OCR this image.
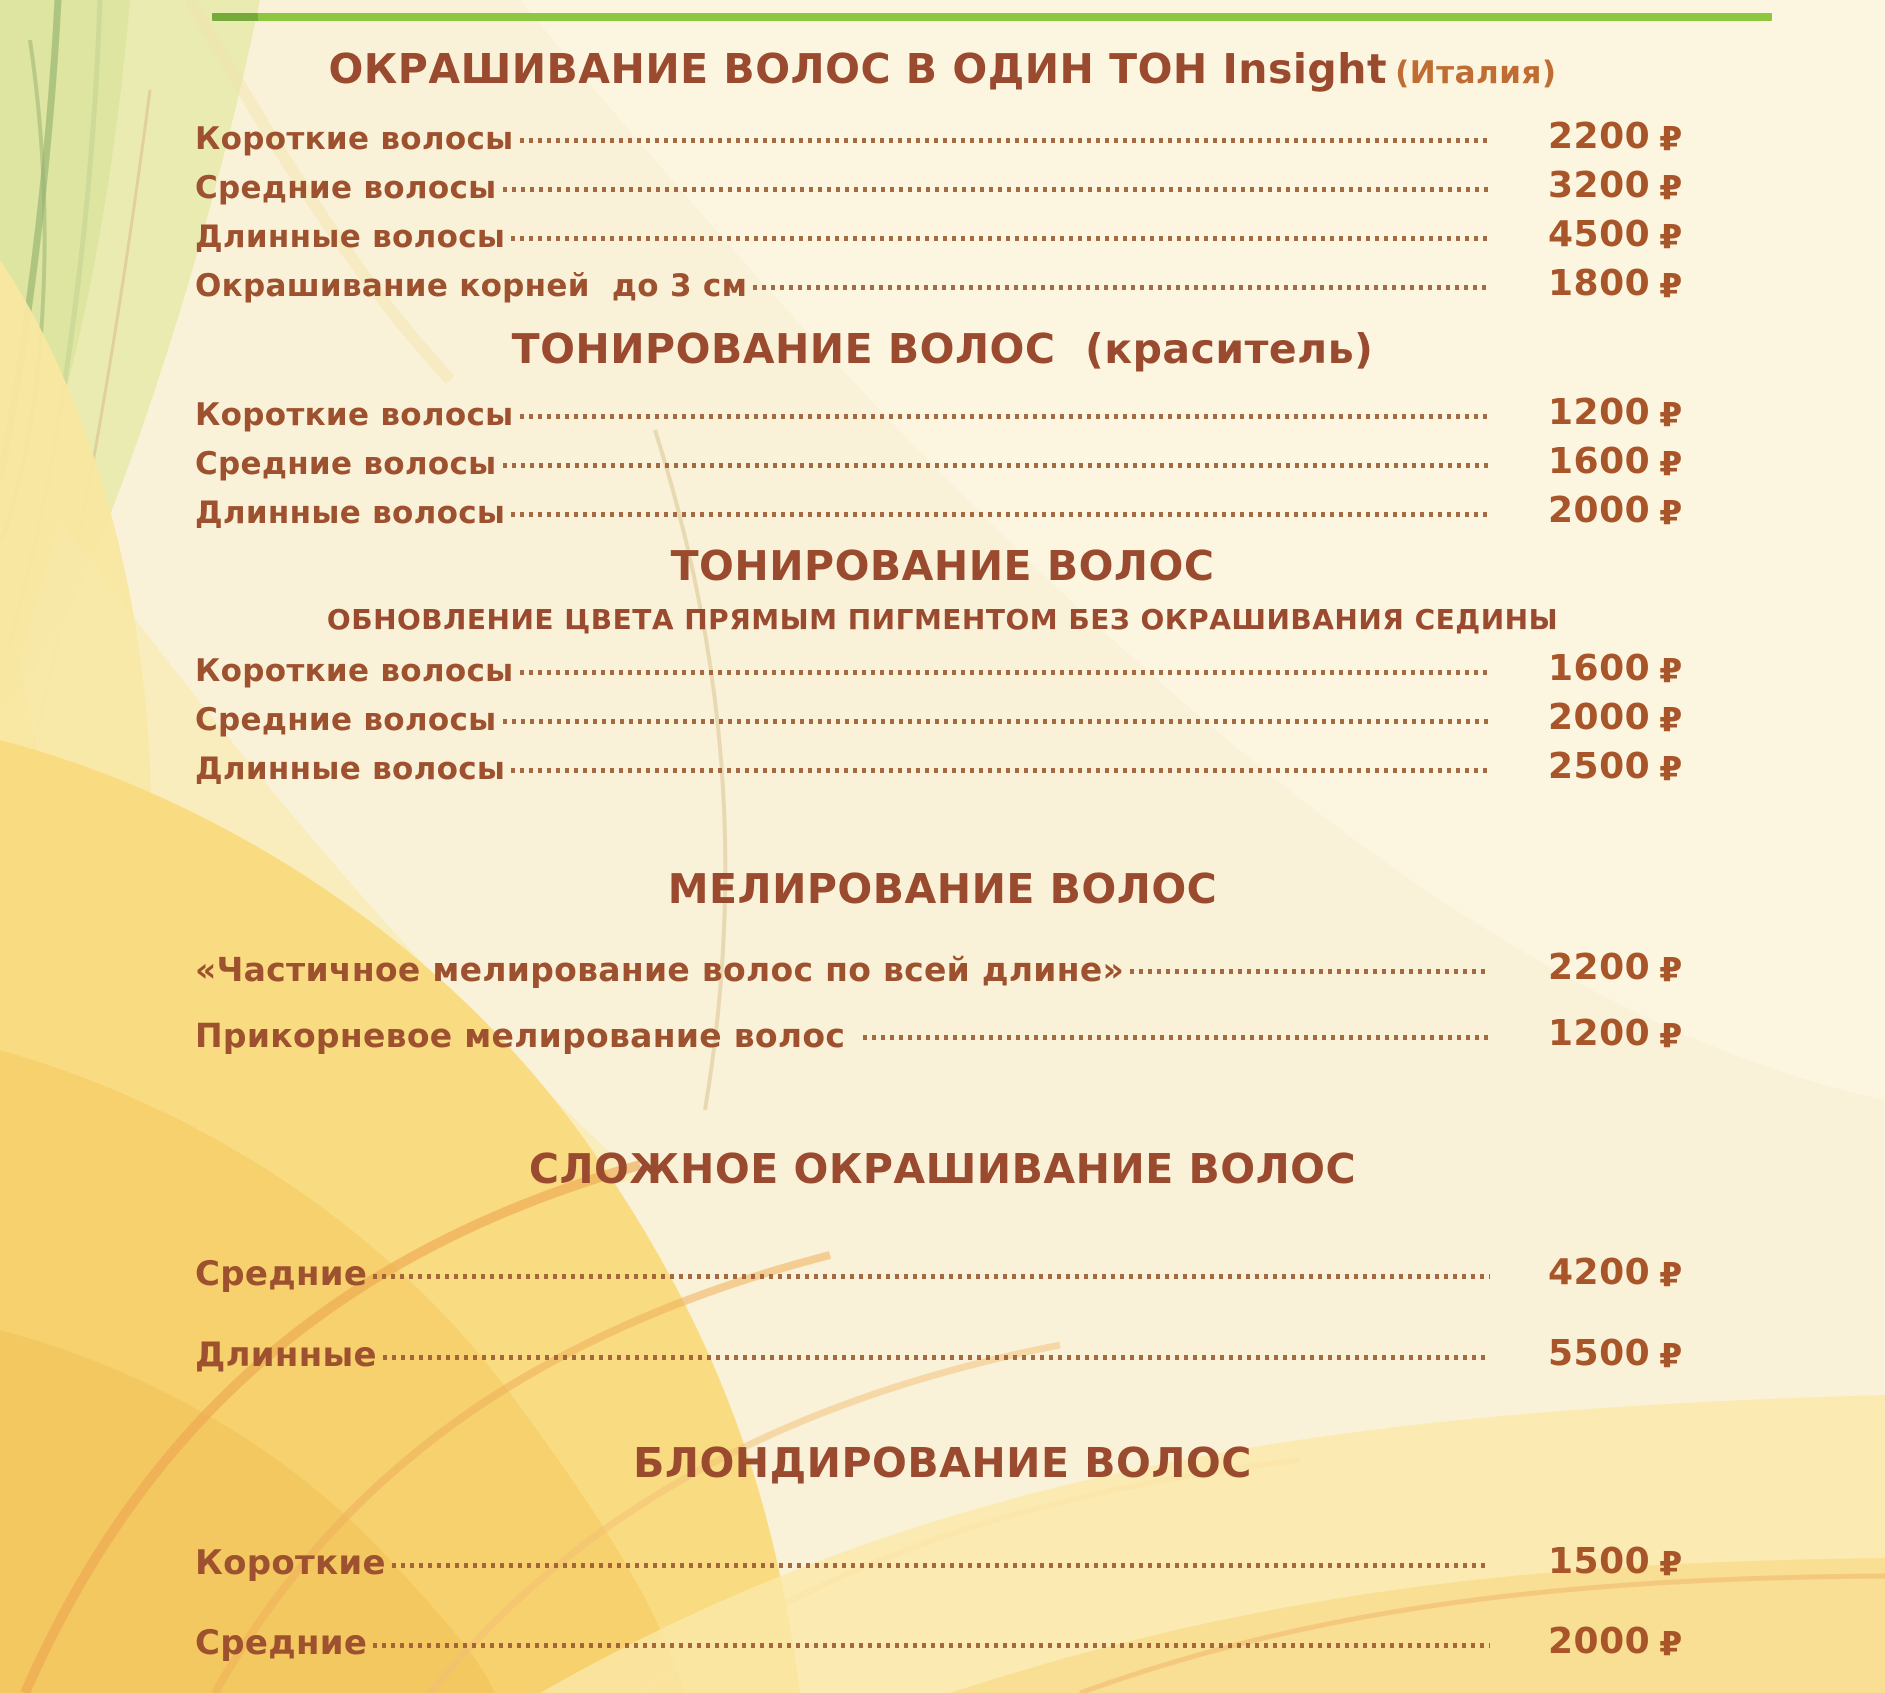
ОКРАШИВАНИЕ ВОЛОС В ОДИН ТОН Insight (Италия)
Короткие волосы	2200 ₽
Средние волосы	3200 ₽
Длинные волосы	4500 ₽
Окрашивание корней  до 3 см	1800 ₽
ТОНИРОВАНИЕ ВОЛОС  (краситель)
Короткие волосы	1200 ₽
Средние волосы	1600 ₽
Длинные волосы	2000 ₽
ТОНИРОВАНИЕ ВОЛОС
ОБНОВЛЕНИЕ ЦВЕТА ПРЯМЫМ ПИГМЕНТОМ БЕЗ ОКРАШИВАНИЯ СЕДИНЫ
Короткие волосы	1600 ₽
Средние волосы	2000 ₽
Длинные волосы	2500 ₽
МЕЛИРОВАНИЕ ВОЛОС
«Частичное мелирование волос по всей длине»	2200 ₽
Прикорневое мелирование волос	1200 ₽
СЛОЖНОЕ ОКРАШИВАНИЕ ВОЛОС
Средние	4200 ₽
Длинные	5500 ₽
БЛОНДИРОВАНИЕ ВОЛОС
Короткие	1500 ₽
Средние	2000 ₽
